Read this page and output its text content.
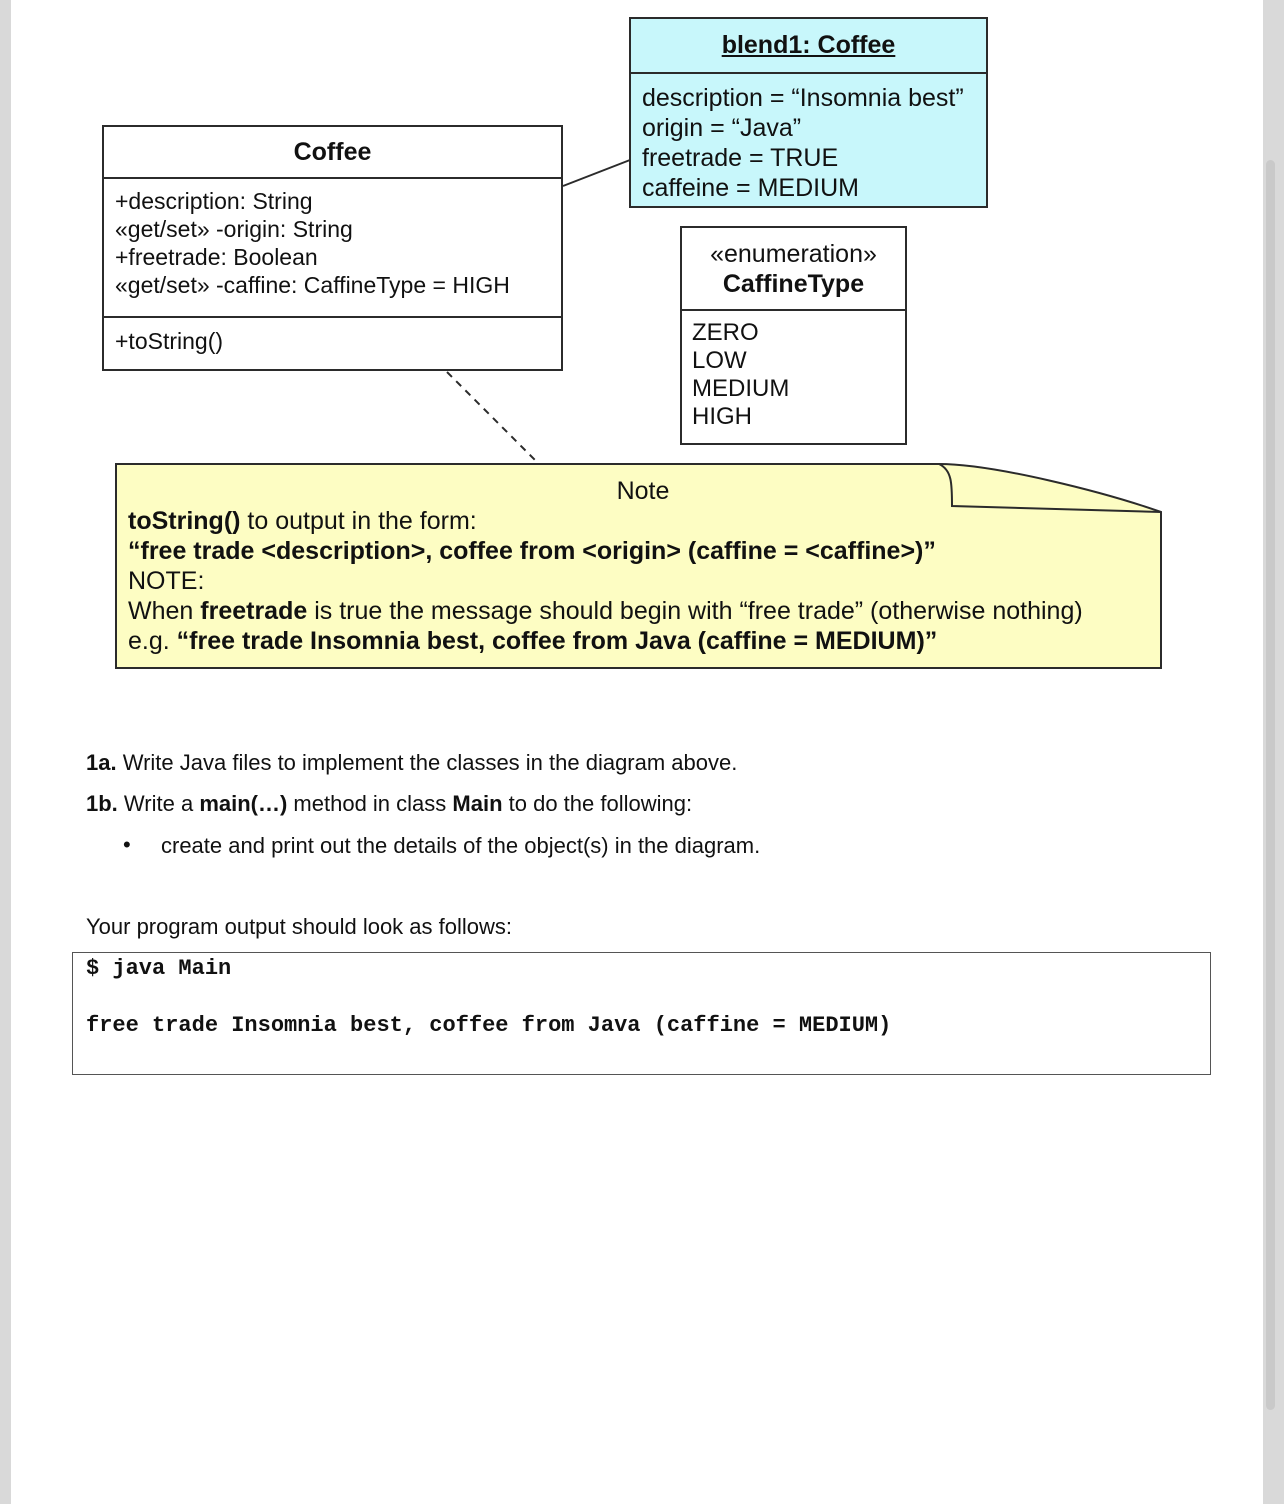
Coffee
+description: String
«get/set» -origin: String
+freetrade: Boolean
«get/set» -caffine: CaffineType = HIGH
+toString()
blend1: Coffee
description = “Insomnia best”
origin = “Java”
freetrade = TRUE
caffeine = MEDIUM
«enumeration»
CaffineType
ZERO
LOW
MEDIUM
HIGH
Note
toString() to output in the form:
“free trade <description>, coffee from <origin> (caffine = <caffine>)”
NOTE:
When freetrade is true the message should begin with “free trade” (otherwise nothing)
e.g. “free trade Insomnia best, coffee from Java (caffine = MEDIUM)”
1a. Write Java files to implement the classes in the diagram above.
1b. Write a main(…) method in class Main to do the following:
• create and print out the details of the object(s) in the diagram.
Your program output should look as follows:
$ java Main
free trade Insomnia best, coffee from Java (caffine = MEDIUM)
